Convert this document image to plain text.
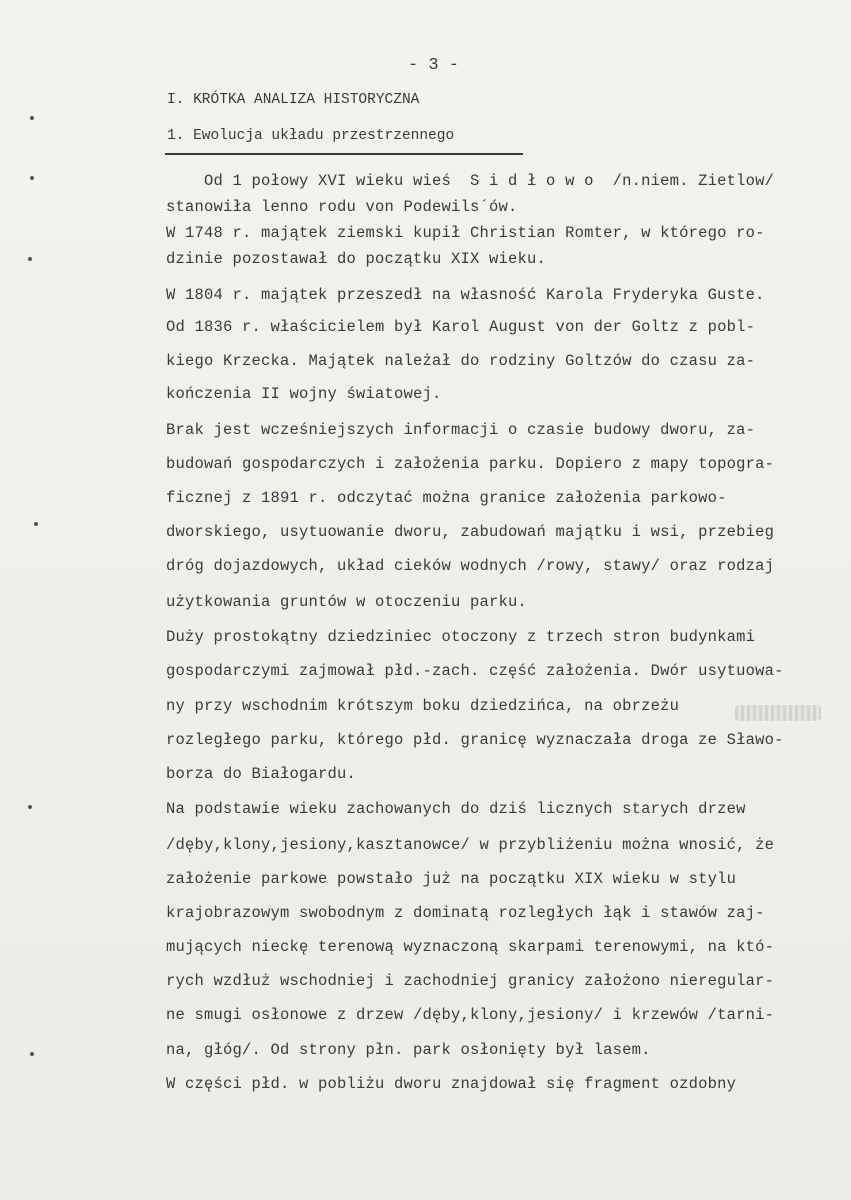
- 3 -
I. KRÓTKA ANALIZA HISTORYCZNA
1. Ewolucja układu przestrzennego
Od 1 połowy XVI wieku wieś  S i d ł o w o  /n.niem. Zietlow/
stanowiła lenno rodu von Podewils´ów.
W 1748 r. majątek ziemski kupił Christian Romter, w którego ro-
dzinie pozostawał do początku XIX wieku.
W 1804 r. majątek przeszedł na własność Karola Fryderyka Guste.
Od 1836 r. właścicielem był Karol August von der Goltz z pobl-
kiego Krzecka. Majątek należał do rodziny Goltzów do czasu za-
kończenia II wojny światowej.
Brak jest wcześniejszych informacji o czasie budowy dworu, za-
budowań gospodarczych i założenia parku. Dopiero z mapy topogra-
ficznej z 1891 r. odczytać można granice założenia parkowo-
dworskiego, usytuowanie dworu, zabudowań majątku i wsi, przebieg
dróg dojazdowych, układ cieków wodnych /rowy, stawy/ oraz rodzaj
użytkowania gruntów w otoczeniu parku.
Duży prostokątny dziedziniec otoczony z trzech stron budynkami
gospodarczymi zajmował płd.-zach. część założenia. Dwór usytuowa-
ny przy wschodnim krótszym boku dziedzińca, na obrzeżu
rozległego parku, którego płd. granicę wyznaczała droga ze Sławo-
borza do Białogardu.
Na podstawie wieku zachowanych do dziś licznych starych drzew
/dęby,klony,jesiony,kasztanowce/ w przybliżeniu można wnosić, że
założenie parkowe powstało już na początku XIX wieku w stylu
krajobrazowym swobodnym z dominatą rozległych łąk i stawów zaj-
mujących nieckę terenową wyznaczoną skarpami terenowymi, na któ-
rych wzdłuż wschodniej i zachodniej granicy założono nieregular-
ne smugi osłonowe z drzew /dęby,klony,jesiony/ i krzewów /tarni-
na, głóg/. Od strony płn. park osłonięty był lasem.
W części płd. w pobliżu dworu znajdował się fragment ozdobny
